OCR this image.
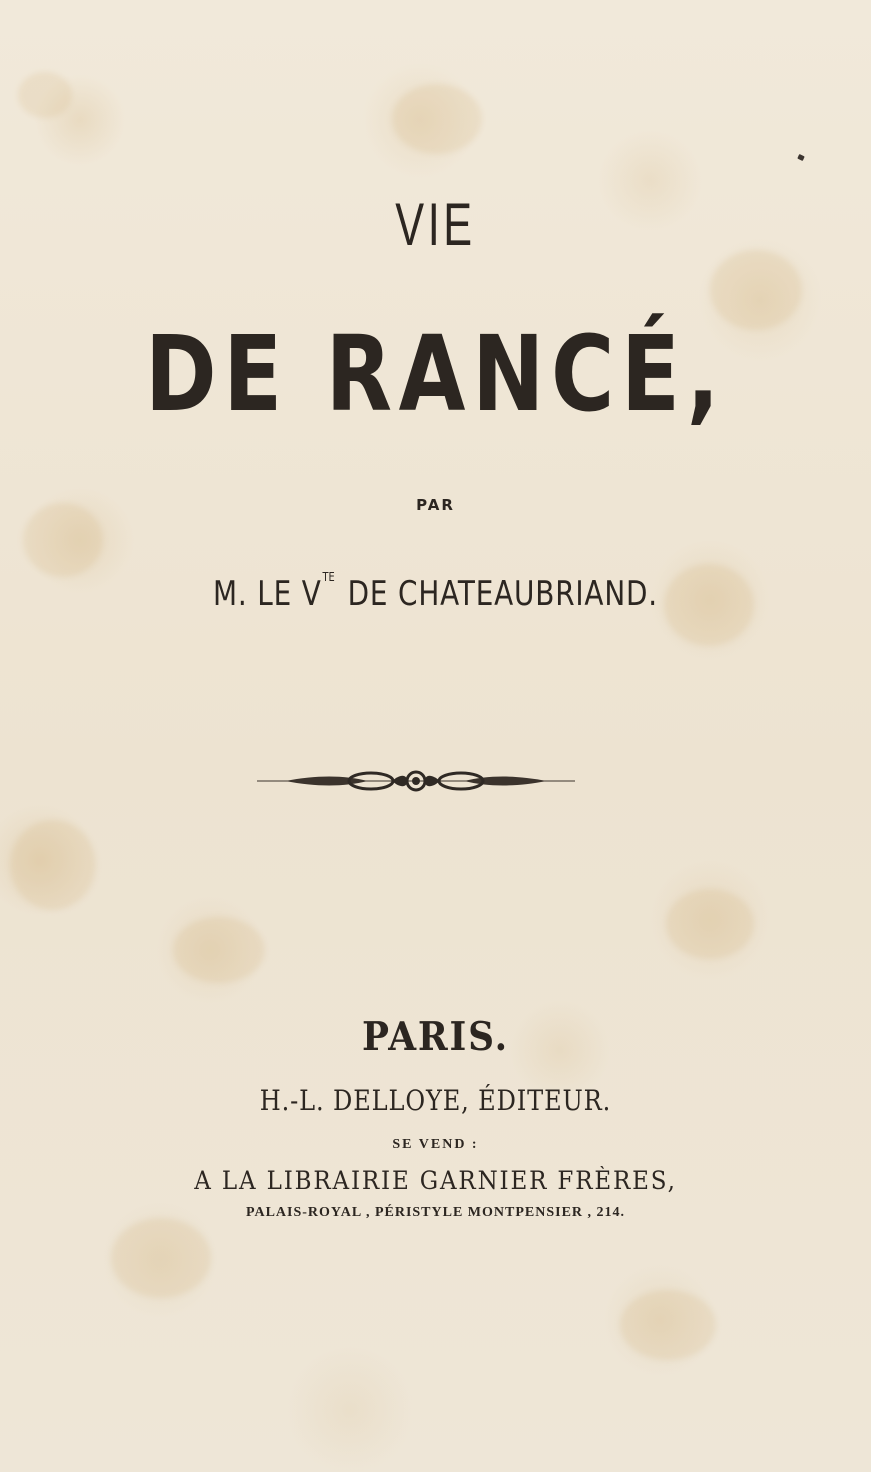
VIE
DE RANCÉ,
PAR
M. LE $V^{TE}$ DE CHATEAUBRIAND.
PARIS.
H.-L. DELLOYE, ÉDITEUR.
SE VEND :
A LA LIBRAIRIE GARNIER FRÈRES,
PALAIS-ROYAL , PÉRISTYLE MONTPENSIER , 214.
